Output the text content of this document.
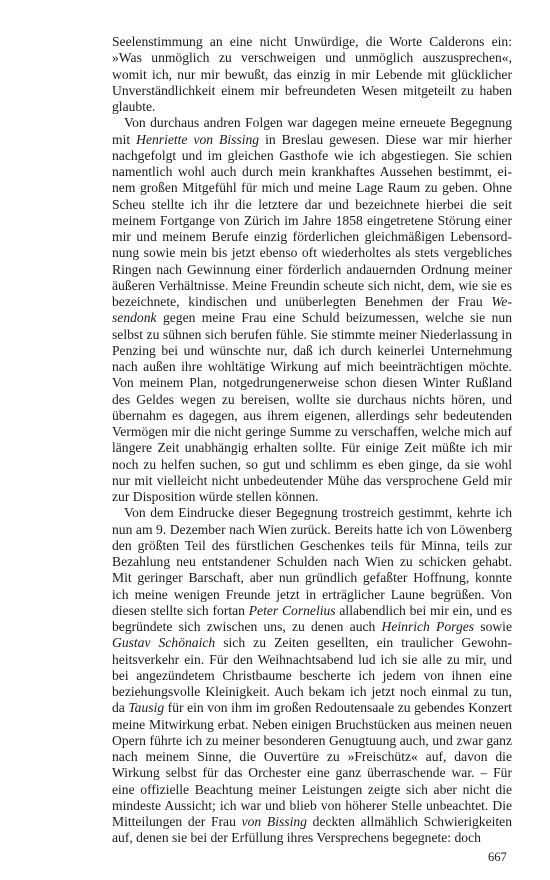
Seelenstimmung an eine nicht Unwürdige, die Worte Calderons ein: »Was unmöglich zu verschweigen und unmöglich auszusprechen«, womit ich, nur mir bewußt, das einzig in mir Lebende mit glücklicher Unverständlichkeit einem mir befreundeten Wesen mitgeteilt zu haben glaubte.

Von durchaus andren Folgen war dagegen meine erneuete Begegnung mit Henriette von Bissing in Breslau gewesen. Diese war mir hierher nachgefolgt und im gleichen Gasthofe wie ich abgestiegen. Sie schien namentlich wohl auch durch mein krankhaftes Aussehen bestimmt, einem großen Mitgefühl für mich und meine Lage Raum zu geben. Ohne Scheu stellte ich ihr die letztere dar und bezeichnete hierbei die seit meinem Fortgange von Zürich im Jahre 1858 eingetretene Störung einer mir und meinem Berufe einzig förderlichen gleichmäßigen Lebensordnung sowie mein bis jetzt ebenso oft wiederholtes als stets vergebliches Ringen nach Gewinnung einer förderlich andauernden Ordnung meiner äußeren Verhältnisse. Meine Freundin scheute sich nicht, dem, wie sie es bezeichnete, kindischen und unüberlegten Benehmen der Frau Wesendonk gegen meine Frau eine Schuld beizumessen, welche sie nun selbst zu sühnen sich berufen fühle. Sie stimmte meiner Niederlassung in Penzing bei und wünschte nur, daß ich durch keinerlei Unternehmung nach außen ihre wohltätige Wirkung auf mich beeinträchtigen möchte. Von meinem Plan, notgedrungenerweise schon diesen Winter Rußland des Geldes wegen zu bereisen, wollte sie durchaus nichts hören, und übernahm es dagegen, aus ihrem eigenen, allerdings sehr bedeutenden Vermögen mir die nicht geringe Summe zu verschaffen, welche mich auf längere Zeit unabhängig erhalten sollte. Für einige Zeit müßte ich mir noch zu helfen suchen, so gut und schlimm es eben ginge, da sie wohl nur mit vielleicht nicht unbedeutender Mühe das versprochene Geld mir zur Disposition würde stellen können.

Von dem Eindrucke dieser Begegnung trostreich gestimmt, kehrte ich nun am 9. Dezember nach Wien zurück. Bereits hatte ich von Löwenberg den größten Teil des fürstlichen Geschenkes teils für Minna, teils zur Bezahlung neu entstandener Schulden nach Wien zu schicken gehabt. Mit geringer Barschaft, aber nun gründlich gefaßter Hoffnung, konnte ich meine wenigen Freunde jetzt in erträglicher Laune begrüßen. Von diesen stellte sich fortan Peter Cornelius allabendlich bei mir ein, und es begründete sich zwischen uns, zu denen auch Heinrich Porges sowie Gustav Schönaich sich zu Zeiten gesellten, ein traulicher Gewohnheitsverkehr ein. Für den Weihnachtsabend lud ich sie alle zu mir, und bei angezündetem Christbaume bescherte ich jedem von ihnen eine beziehungsvolle Kleinigkeit. Auch bekam ich jetzt noch einmal zu tun, da Tausig für ein von ihm im großen Redoutensaale zu gebendes Konzert meine Mitwirkung erbat. Neben einigen Bruchstücken aus meinen neuen Opern führte ich zu meiner besonderen Genugtuung auch, und zwar ganz nach meinem Sinne, die Ouvertüre zu »Freischütz« auf, davon die Wirkung selbst für das Orchester eine ganz überraschende war. – Für eine offizielle Beachtung meiner Leistungen zeigte sich aber nicht die mindeste Aussicht; ich war und blieb von höherer Stelle unbeachtet. Die Mitteilungen der Frau von Bissing deckten allmählich Schwierigkeiten auf, denen sie bei der Erfüllung ihres Versprechens begegnete: doch

667
